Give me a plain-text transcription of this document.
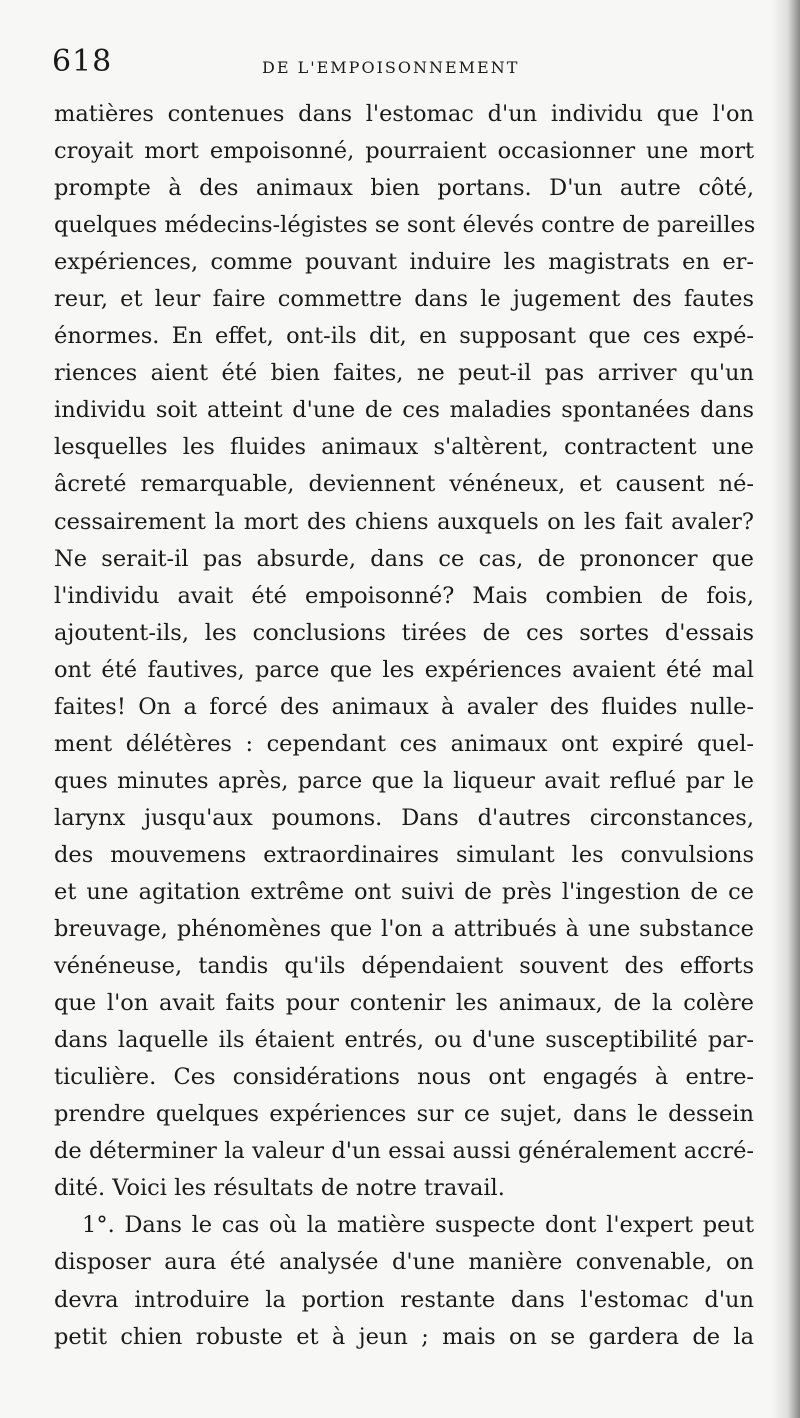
618	DE L'EMPOISONNEMENT
matières contenues dans l'estomac d'un individu que l'on
croyait mort empoisonné, pourraient occasionner une mort
prompte à des animaux bien portans. D'un autre côté,
quelques médecins-légistes se sont élevés contre de pareilles
expériences, comme pouvant induire les magistrats en er-
reur, et leur faire commettre dans le jugement des fautes
énormes. En effet, ont-ils dit, en supposant que ces expé-
riences aient été bien faites, ne peut-il pas arriver qu'un
individu soit atteint d'une de ces maladies spontanées dans
lesquelles les fluides animaux s'altèrent, contractent une
âcreté remarquable, deviennent vénéneux, et causent né-
cessairement la mort des chiens auxquels on les fait avaler?
Ne serait-il pas absurde, dans ce cas, de prononcer que
l'individu avait été empoisonné? Mais combien de fois,
ajoutent-ils, les conclusions tirées de ces sortes d'essais
ont été fautives, parce que les expériences avaient été mal
faites! On a forcé des animaux à avaler des fluides nulle-
ment délétères : cependant ces animaux ont expiré quel-
ques minutes après, parce que la liqueur avait reflué par le
larynx jusqu'aux poumons. Dans d'autres circonstances,
des mouvemens extraordinaires simulant les convulsions
et une agitation extrême ont suivi de près l'ingestion de ce
breuvage, phénomènes que l'on a attribués à une substance
vénéneuse, tandis qu'ils dépendaient souvent des efforts
que l'on avait faits pour contenir les animaux, de la colère
dans laquelle ils étaient entrés, ou d'une susceptibilité par-
ticulière. Ces considérations nous ont engagés à entre-
prendre quelques expériences sur ce sujet, dans le dessein
de déterminer la valeur d'un essai aussi généralement accré-
dité. Voici les résultats de notre travail.
1°. Dans le cas où la matière suspecte dont l'expert peut
disposer aura été analysée d'une manière convenable, on
devra introduire la portion restante dans l'estomac d'un
petit chien robuste et à jeun ; mais on se gardera de la
